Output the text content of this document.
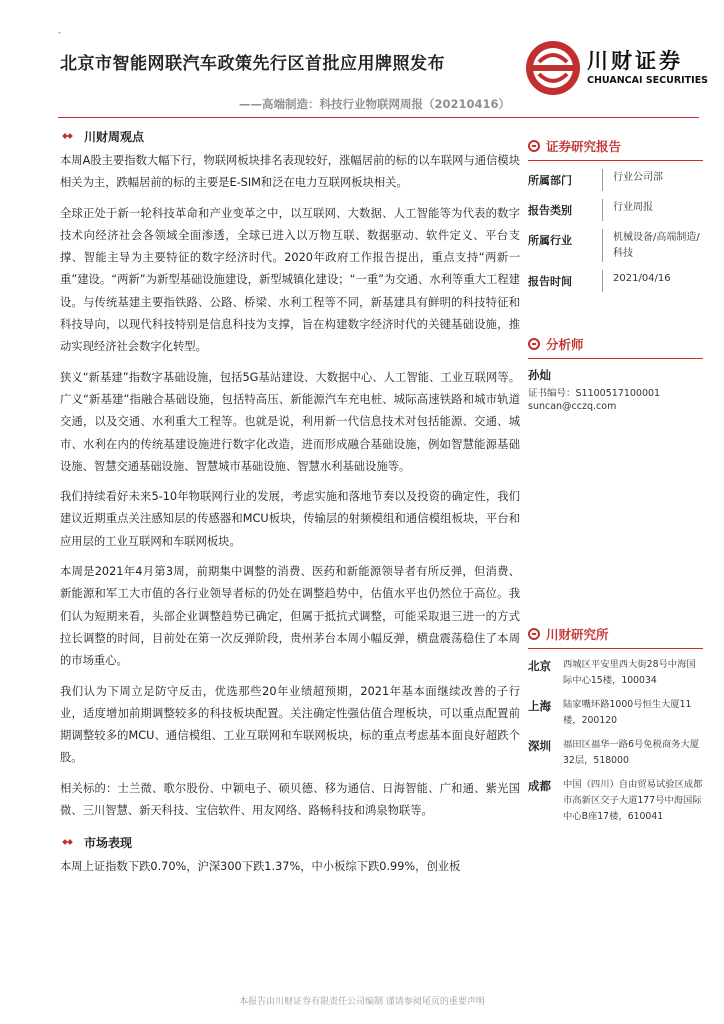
-
北京市智能网联汽车政策先行区首批应用牌照发布
——高端制造：科技行业物联网周报（20210416）
川财证券
CHUANCAI SECURITIES
川财周观点

本周A股主要指数大幅下行，物联网板块排名表现较好，涨幅居前的标的以车联网与通信模块相关为主，跌幅居前的标的主要是E-SIM和泛在电力互联网板块相关。

全球正处于新一轮科技革命和产业变革之中，以互联网、大数据、人工智能等为代表的数字技术向经济社会各领域全面渗透，全球已进入以万物互联、数据驱动、软件定义、平台支撑、智能主导为主要特征的数字经济时代。2020年政府工作报告提出，重点支持“两新一重”建设。“两新”为新型基础设施建设，新型城镇化建设；“一重”为交通、水利等重大工程建设。与传统基建主要指铁路、公路、桥梁、水利工程等不同，新基建具有鲜明的科技特征和科技导向，以现代科技特别是信息科技为支撑，旨在构建数字经济时代的关键基础设施，推动实现经济社会数字化转型。

狭义“新基建”指数字基础设施，包括5G基站建设、大数据中心、人工智能、工业互联网等。广义“新基建”指融合基础设施，包括特高压、新能源汽车充电桩、城际高速铁路和城市轨道交通，以及交通、水利重大工程等。也就是说，利用新一代信息技术对包括能源、交通、城市、水利在内的传统基建设施进行数字化改造，进而形成融合基础设施，例如智慧能源基础设施、智慧交通基础设施、智慧城市基础设施、智慧水利基础设施等。

我们持续看好未来5-10年物联网行业的发展，考虑实施和落地节奏以及投资的确定性，我们建议近期重点关注感知层的传感器和MCU板块，传输层的射频模组和通信模组板块，平台和应用层的工业互联网和车联网板块。

本周是2021年4月第3周，前期集中调整的消费、医药和新能源领导者有所反弹，但消费、新能源和军工大市值的各行业领导者标的仍处在调整趋势中，估值水平也仍然位于高位。我们认为短期来看，头部企业调整趋势已确定，但属于抵抗式调整，可能采取退三进一的方式拉长调整的时间，目前处在第一次反弹阶段，贵州茅台本周小幅反弹，横盘震荡稳住了本周的市场重心。

我们认为下周立足防守反击，优选那些20年业绩超预期，2021年基本面继续改善的子行业，适度增加前期调整较多的科技板块配置。关注确定性强估值合理板块，可以重点配置前期调整较多的MCU、通信模组、工业互联网和车联网板块，标的重点考虑基本面良好超跌个股。

相关标的：士兰微、歌尔股份、中颖电子、硕贝德、移为通信、日海智能、广和通、紫光国微、三川智慧、新天科技、宝信软件、用友网络、路畅科技和鸿泉物联等。

市场表现

本周上证指数下跌0.70%，沪深300下跌1.37%，中小板综下跌0.99%，创业板

证券研究报告
所属部门	行业公司部
报告类别	行业周报
所属行业	机械设备/高端制造/科技
报告时间	2021/04/16
分析师
孙灿
证书编号：S1100517100001
suncan@cczq.com
川财研究所
北京	西城区平安里西大街28号中海国际中心15楼，100034
上海	陆家嘴环路1000号恒生大厦11楼，200120
深圳	福田区福华一路6号免税商务大厦32层，518000
成都	中国（四川）自由贸易试验区成都市高新区交子大道177号中海国际中心B座17楼，610041
本报告由川财证券有限责任公司编制 谨请参阅尾页的重要声明
